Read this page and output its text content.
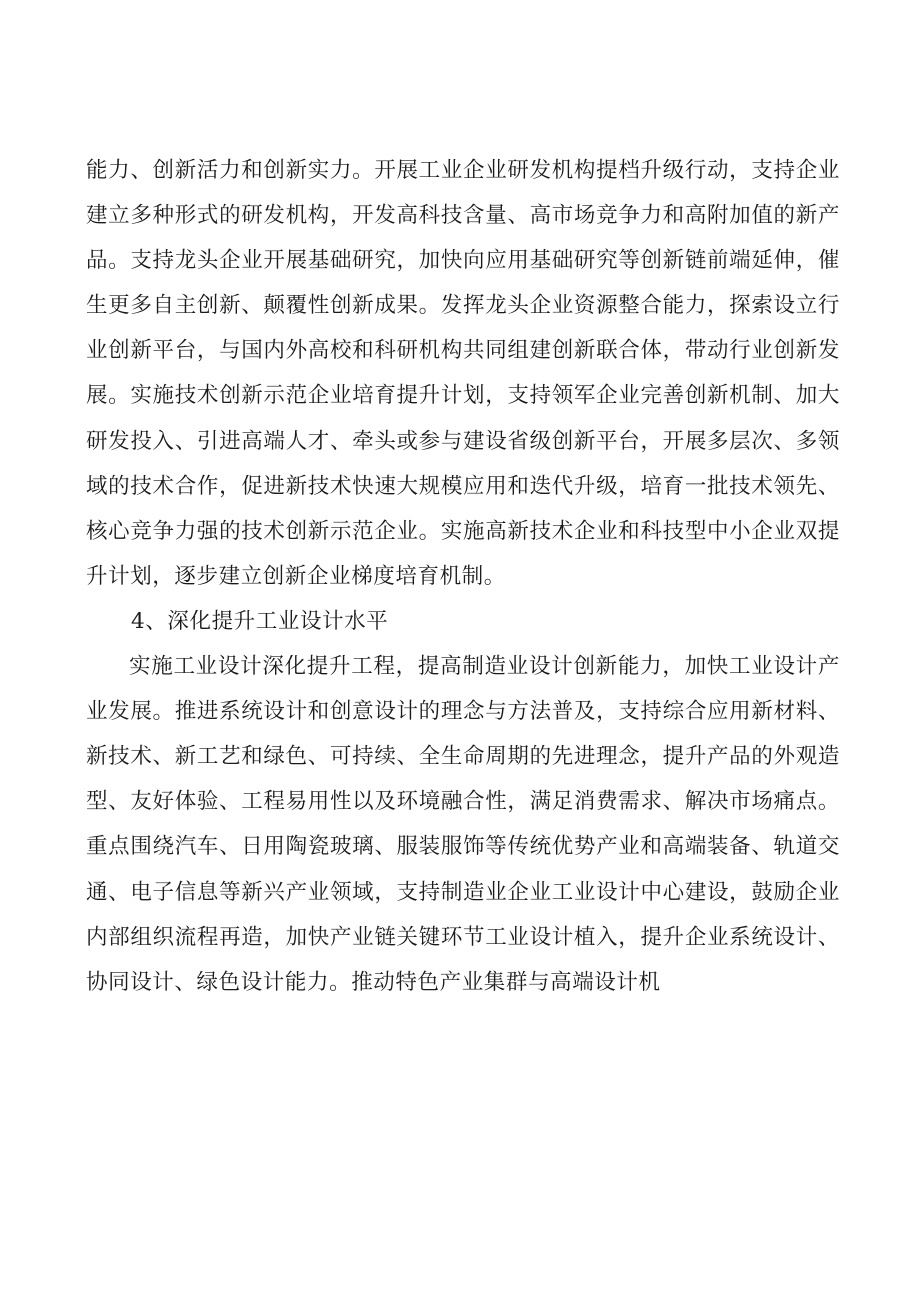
能力、创新活力和创新实力。开展工业企业研发机构提档升级行动，支持企业建立多种形式的研发机构，开发高科技含量、高市场竞争力和高附加值的新产品。支持龙头企业开展基础研究，加快向应用基础研究等创新链前端延伸，催生更多自主创新、颠覆性创新成果。发挥龙头企业资源整合能力，探索设立行业创新平台，与国内外高校和科研机构共同组建创新联合体，带动行业创新发展。实施技术创新示范企业培育提升计划，支持领军企业完善创新机制、加大研发投入、引进高端人才、牵头或参与建设省级创新平台，开展多层次、多领域的技术合作，促进新技术快速大规模应用和迭代升级，培育一批技术领先、核心竞争力强的技术创新示范企业。实施高新技术企业和科技型中小企业双提升计划，逐步建立创新企业梯度培育机制。

4、深化提升工业设计水平

实施工业设计深化提升工程，提高制造业设计创新能力，加快工业设计产业发展。推进系统设计和创意设计的理念与方法普及，支持综合应用新材料、新技术、新工艺和绿色、可持续、全生命周期的先进理念，提升产品的外观造型、友好体验、工程易用性以及环境融合性，满足消费需求、解决市场痛点。重点围绕汽车、日用陶瓷玻璃、服装服饰等传统优势产业和高端装备、轨道交通、电子信息等新兴产业领域，支持制造业企业工业设计中心建设，鼓励企业内部组织流程再造，加快产业链关键环节工业设计植入，提升企业系统设计、协同设计、绿色设计能力。推动特色产业集群与高端设计机
